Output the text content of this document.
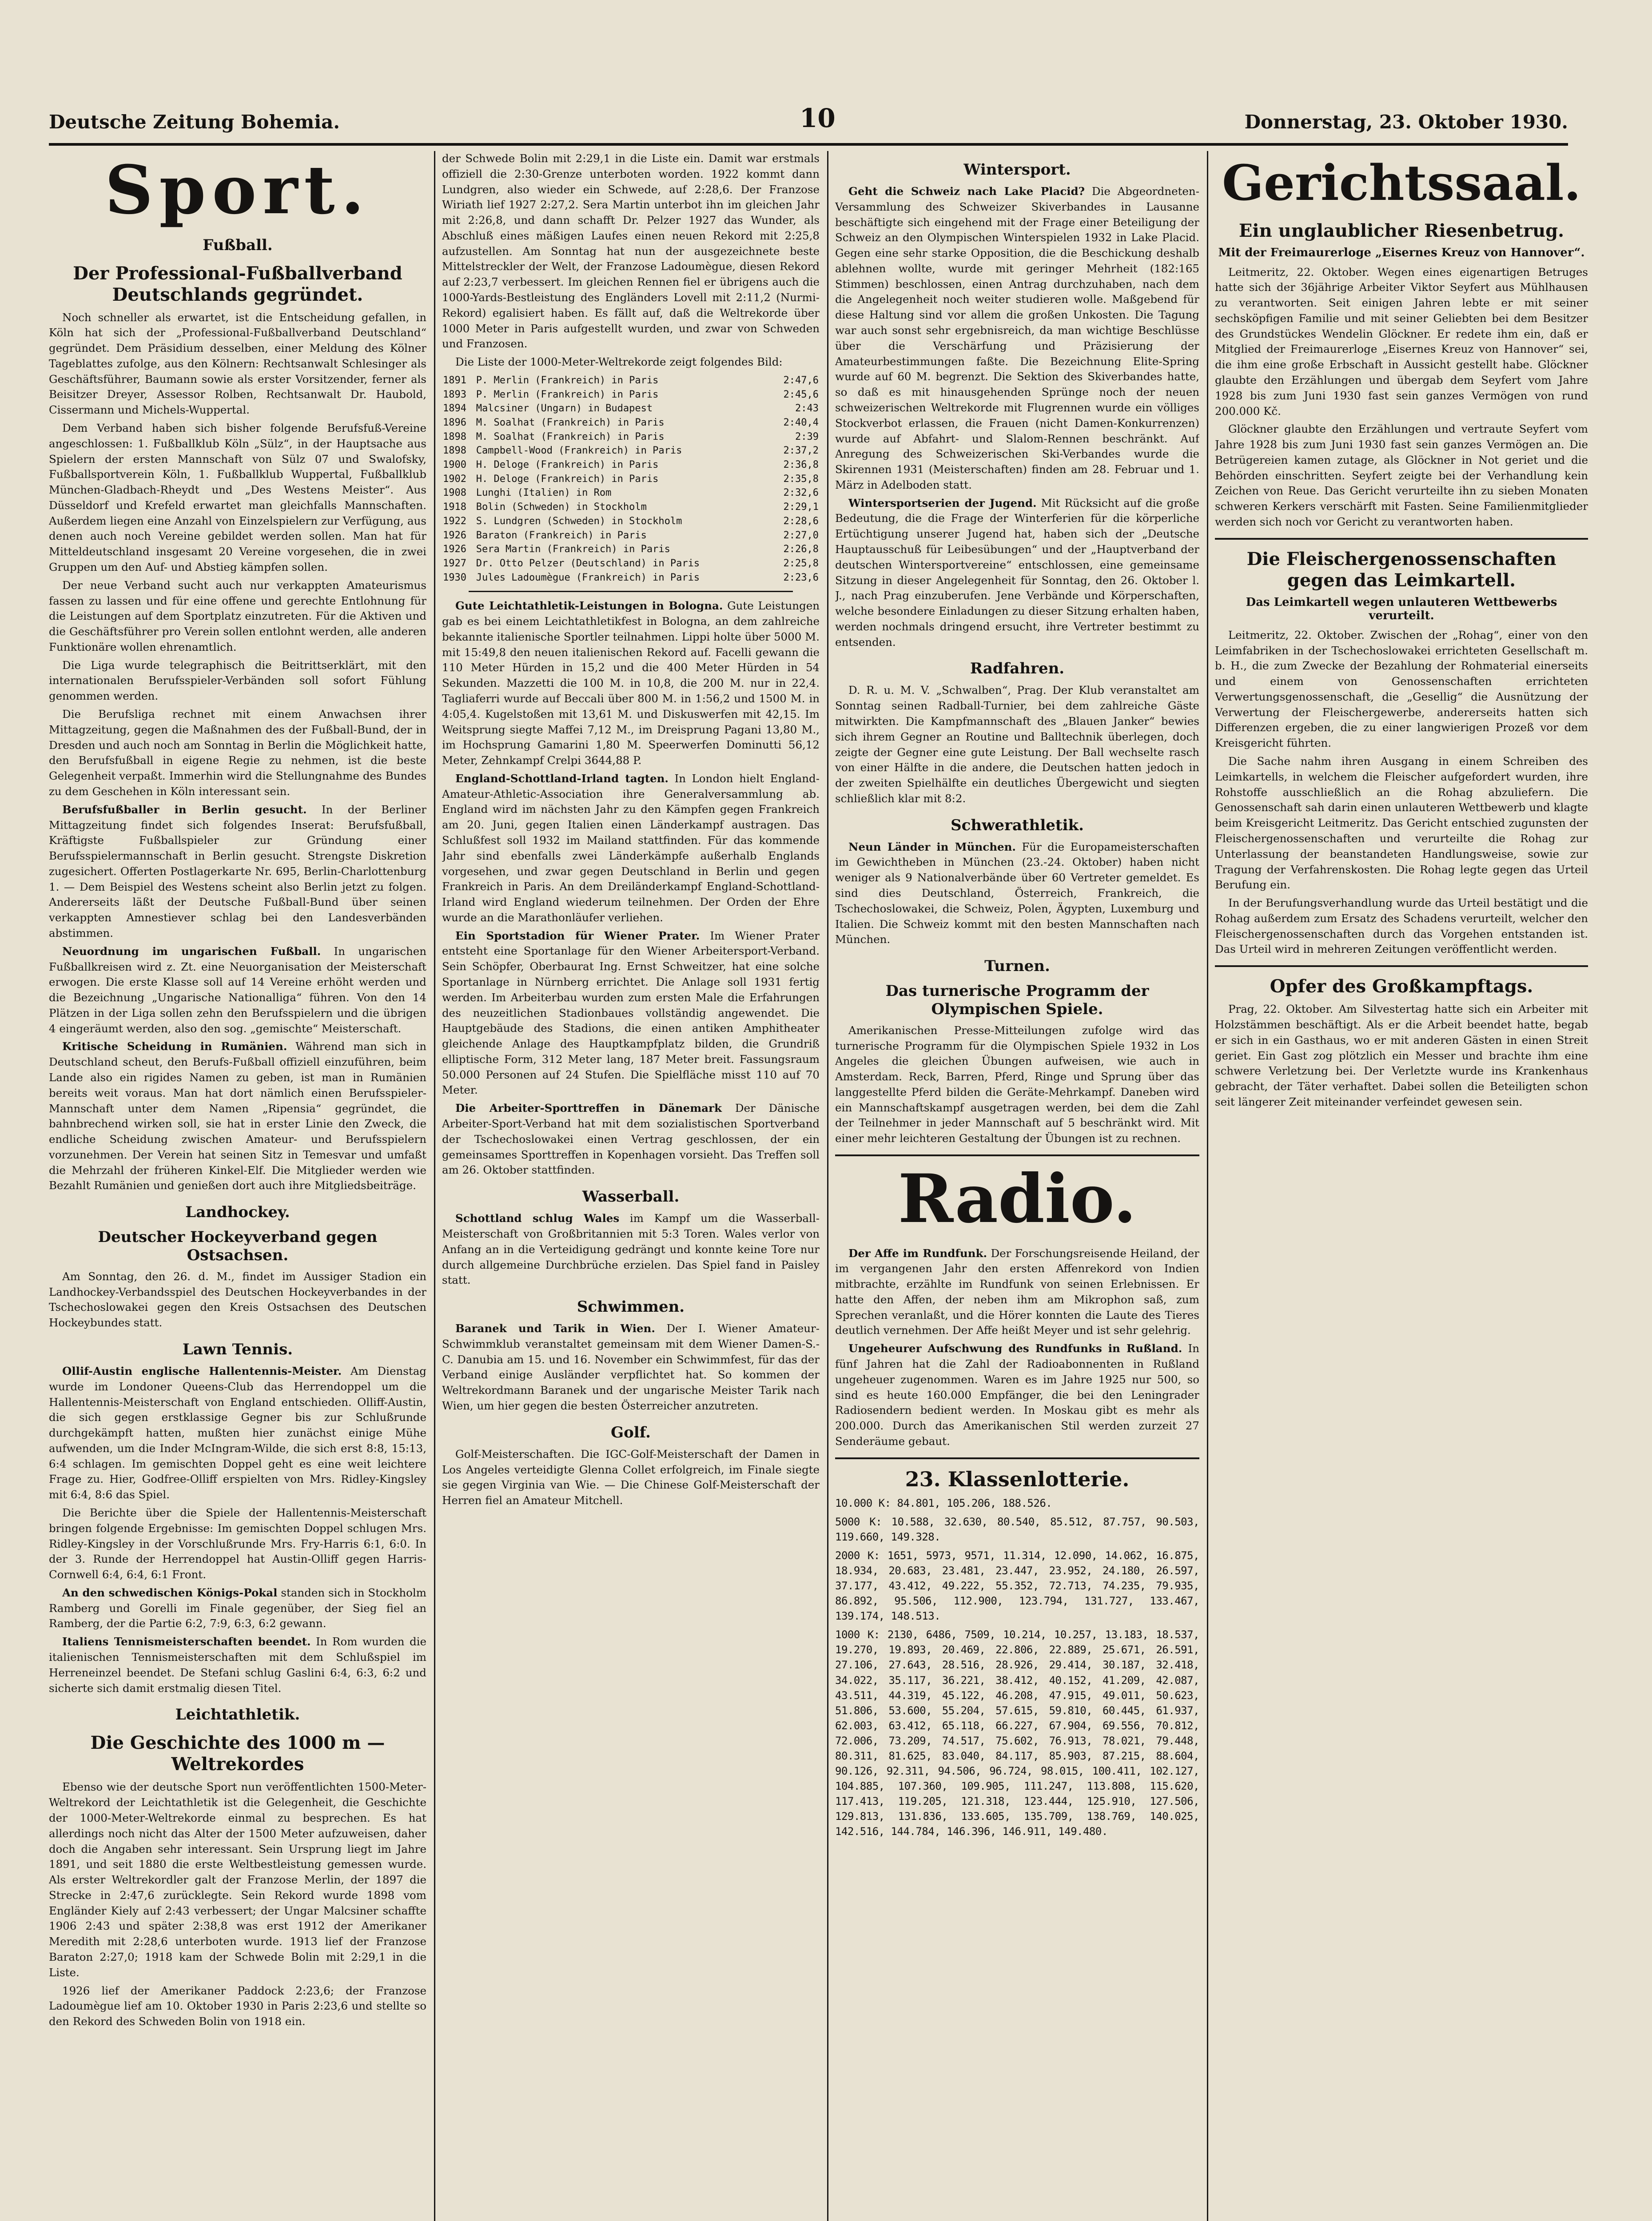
Deutsche Zeitung Bohemia.	10	Donnerstag, 23. Oktober 1930.
Sport.
Fußball.
Der Professional-Fußballverband Deutschlands gegründet.

Noch schneller als erwartet, ist die Entscheidung gefallen, in Köln hat sich der „Professional-Fußballverband Deutschland“ gegründet. Dem Präsidium desselben, einer Meldung des Kölner Tageblattes zufolge, aus den Kölnern: Rechtsanwalt Schlesinger als Geschäftsführer, Baumann sowie als erster Vorsitzender, ferner als Beisitzer Dreyer, Assessor Rolben, Rechtsanwalt Dr. Haubold, Cissermann und Michels-Wuppertal.

Dem Verband haben sich bisher folgende Berufsfuß-Vereine angeschlossen: 1. Fußballklub Köln „Sülz“, in der Hauptsache aus Spielern der ersten Mannschaft von Sülz 07 und Swalofsky, Fußballsportverein Köln, 1. Fußballklub Wuppertal, Fußballklub München-Gladbach-Rheydt und „Des Westens Meister“. Aus Düsseldorf und Krefeld erwartet man gleichfalls Mannschaften. Außerdem liegen eine Anzahl von Einzelspielern zur Verfügung, aus denen auch noch Vereine gebildet werden sollen. Man hat für Mitteldeutschland insgesamt 20 Vereine vorgesehen, die in zwei Gruppen um den Auf- und Abstieg kämpfen sollen.

Der neue Verband sucht auch nur verkappten Amateurismus fassen zu lassen und für eine offene und gerechte Entlohnung für die Leistungen auf dem Sportplatz einzutreten. Für die Aktiven und die Geschäftsführer pro Verein sollen entlohnt werden, alle anderen Funktionäre wollen ehrenamtlich.

Die Liga wurde telegraphisch die Beitrittserklärt, mit den internationalen Berufsspieler-Verbänden soll sofort Fühlung genommen werden.

Die Berufsliga rechnet mit einem Anwachsen ihrer Mittagzeitung, gegen die Maßnahmen des der Fußball-Bund, der in Dresden und auch noch am Sonntag in Berlin die Möglichkeit hatte, den Berufsfußball in eigene Regie zu nehmen, ist die beste Gelegenheit verpaßt. Immerhin wird die Stellungnahme des Bundes zu dem Geschehen in Köln interessant sein.

Berufsfußballer in Berlin gesucht. In der Berliner Mittagzeitung findet sich folgendes Inserat: Berufsfußball, Kräftigste Fußballspieler zur Gründung einer Berufsspielermannschaft in Berlin gesucht. Strengste Diskretion zugesichert. Offerten Postlagerkarte Nr. 695, Berlin-Charlottenburg 1. — Dem Beispiel des Westens scheint also Berlin jetzt zu folgen. Andererseits läßt der Deutsche Fußball-Bund über seinen verkappten Amnestiever schlag bei den Landesverbänden abstimmen.

Neuordnung im ungarischen Fußball. In ungarischen Fußballkreisen wird z. Zt. eine Neuorganisation der Meisterschaft erwogen. Die erste Klasse soll auf 14 Vereine erhöht werden und die Bezeichnung „Ungarische Nationalliga“ führen. Von den 14 Plätzen in der Liga sollen zehn den Berufsspielern und die übrigen 4 eingeräumt werden, also den sog. „gemischte“ Meisterschaft.

Kritische Scheidung in Rumänien. Während man sich in Deutschland scheut, den Berufs-Fußball offiziell einzuführen, beim Lande also ein rigides Namen zu geben, ist man in Rumänien bereits weit voraus. Man hat dort nämlich einen Berufsspieler-Mannschaft unter dem Namen „Ripensia“ gegründet, die bahnbrechend wirken soll, sie hat in erster Linie den Zweck, die endliche Scheidung zwischen Amateur- und Berufsspielern vorzunehmen. Der Verein hat seinen Sitz in Temesvar und umfaßt die Mehrzahl der früheren Kinkel-Elf. Die Mitglieder werden wie Bezahlt Rumänien und genießen dort auch ihre Mitgliedsbeiträge.

Landhockey.
Deutscher Hockeyverband gegen Ostsachsen.

Am Sonntag, den 26. d. M., findet im Aussiger Stadion ein Landhockey-Verbandsspiel des Deutschen Hockeyverbandes in der Tschechoslowakei gegen den Kreis Ostsachsen des Deutschen Hockeybundes statt.

Lawn Tennis.

Ollif-Austin englische Hallentennis-Meister. Am Dienstag wurde im Londoner Queens-Club das Herrendoppel um die Hallentennis-Meisterschaft von England entschieden. Olliff-Austin, die sich gegen erstklassige Gegner bis zur Schlußrunde durchgekämpft hatten, mußten hier zunächst einige Mühe aufwenden, um die Inder McIngram-Wilde, die sich erst 8:8, 15:13, 6:4 schlagen. Im gemischten Doppel geht es eine weit leichtere Frage zu. Hier, Godfree-Olliff erspielten von Mrs. Ridley-Kingsley mit 6:4, 8:6 das Spiel.

Die Berichte über die Spiele der Hallentennis-Meisterschaft bringen folgende Ergebnisse: Im gemischten Doppel schlugen Mrs. Ridley-Kingsley in der Vorschlußrunde Mrs. Fry-Harris 6:1, 6:0. In der 3. Runde der Herrendoppel hat Austin-Olliff gegen Harris-Cornwell 6:4, 6:4, 6:1 Front.

An den schwedischen Königs-Pokal standen sich in Stockholm Ramberg und Gorelli im Finale gegenüber, der Sieg fiel an Ramberg, der die Partie 6:2, 7:9, 6:3, 6:2 gewann.

Italiens Tennismeisterschaften beendet. In Rom wurden die italienischen Tennismeisterschaften mit dem Schlußspiel im Herreneinzel beendet. De Stefani schlug Gaslini 6:4, 6:3, 6:2 und sicherte sich damit erstmalig diesen Titel.

Leichtathletik.
Die Geschichte des 1000 m — Weltrekordes

Ebenso wie der deutsche Sport nun veröffentlichten 1500-Meter-Weltrekord der Leichtathletik ist die Gelegenheit, die Geschichte der 1000-Meter-Weltrekorde einmal zu besprechen. Es hat allerdings noch nicht das Alter der 1500 Meter aufzuweisen, daher doch die Angaben sehr interessant. Sein Ursprung liegt im Jahre 1891, und seit 1880 die erste Weltbestleistung gemessen wurde. Als erster Weltrekordler galt der Franzose Merlin, der 1897 die Strecke in 2:47,6 zurücklegte. Sein Rekord wurde 1898 vom Engländer Kiely auf 2:43 verbessert; der Ungar Malcsiner schaffte 1906 2:43 und später 2:38,8 was erst 1912 der Amerikaner Meredith mit 2:28,6 unterboten wurde. 1913 lief der Franzose Baraton 2:27,0; 1918 kam der Schwede Bolin mit 2:29,1 in die Liste.

1926 lief der Amerikaner Paddock 2:23,6; der Franzose Ladoumègue lief am 10. Oktober 1930 in Paris 2:23,6 und stellte so den Rekord des Schweden Bolin von 1918 ein.

der Schwede Bolin mit 2:29,1 in die Liste ein. Damit war erstmals offiziell die 2:30-Grenze unterboten worden. 1922 kommt dann Lundgren, also wieder ein Schwede, auf 2:28,6. Der Franzose Wiriath lief 1927 2:27,2. Sera Martin unterbot ihn im gleichen Jahr mit 2:26,8, und dann schafft Dr. Pelzer 1927 das Wunder, als Abschluß eines mäßigen Laufes einen neuen Rekord mit 2:25,8 aufzustellen. Am Sonntag hat nun der ausgezeichnete beste Mittelstreckler der Welt, der Franzose Ladoumègue, diesen Rekord auf 2:23,7 verbessert. Im gleichen Rennen fiel er übrigens auch die 1000-Yards-Bestleistung des Engländers Lovell mit 2:11,2 (Nurmi-Rekord) egalisiert haben. Es fällt auf, daß die Weltrekorde über 1000 Meter in Paris aufgestellt wurden, und zwar von Schweden und Franzosen.

Die Liste der 1000-Meter-Weltrekorde zeigt folgendes Bild:

1891	P. Merlin (Frankreich) in Paris	2:47,6
1893	P. Merlin (Frankreich) in Paris	2:45,6
1894	Malcsiner (Ungarn) in Budapest	2:43
1896	M. Soalhat (Frankreich) in Paris	2:40,4
1898	M. Soalhat (Frankreich) in Paris	2:39
1898	Campbell-Wood (Frankreich) in Paris	2:37,2
1900	H. Deloge (Frankreich) in Paris	2:36,8
1902	H. Deloge (Frankreich) in Paris	2:35,8
1908	Lunghi (Italien) in Rom	2:32,6
1918	Bolin (Schweden) in Stockholm	2:29,1
1922	S. Lundgren (Schweden) in Stockholm	2:28,6
1926	Baraton (Frankreich) in Paris	2:27,0
1926	Sera Martin (Frankreich) in Paris	2:26,8
1927	Dr. Otto Pelzer (Deutschland) in Paris	2:25,8
1930	Jules Ladoumègue (Frankreich) in Paris	2:23,6

Gute Leichtathletik-Leistungen in Bologna. Gute Leistungen gab es bei einem Leichtathletikfest in Bologna, an dem zahlreiche bekannte italienische Sportler teilnahmen. Lippi holte über 5000 M. mit 15:49,8 den neuen italienischen Rekord auf. Facelli gewann die 110 Meter Hürden in 15,2 und die 400 Meter Hürden in 54 Sekunden. Mazzetti die 100 M. in 10,8, die 200 M. nur in 22,4. Tagliaferri wurde auf Beccali über 800 M. in 1:56,2 und 1500 M. in 4:05,4. Kugelstoßen mit 13,61 M. und Diskuswerfen mit 42,15. Im Weitsprung siegte Maffei 7,12 M., im Dreisprung Pagani 13,80 M., im Hochsprung Gamarini 1,80 M. Speerwerfen Dominutti 56,12 Meter, Zehnkampf Crelpi 3644,88 P.

England-Schottland-Irland tagten. In London hielt England-Amateur-Athletic-Association ihre Generalversammlung ab. England wird im nächsten Jahr zu den Kämpfen gegen Frankreich am 20. Juni, gegen Italien einen Länderkampf austragen. Das Schlußfest soll 1932 im Mailand stattfinden. Für das kommende Jahr sind ebenfalls zwei Länderkämpfe außerhalb Englands vorgesehen, und zwar gegen Deutschland in Berlin und gegen Frankreich in Paris. An dem Dreiländerkampf England-Schottland-Irland wird England wiederum teilnehmen. Der Orden der Ehre wurde an die Marathonläufer verliehen.

Ein Sportstadion für Wiener Prater. Im Wiener Prater entsteht eine Sportanlage für den Wiener Arbeitersport-Verband. Sein Schöpfer, Oberbaurat Ing. Ernst Schweitzer, hat eine solche Sportanlage in Nürnberg errichtet. Die Anlage soll 1931 fertig werden. Im Arbeiterbau wurden zum ersten Male die Erfahrungen des neuzeitlichen Stadionbaues vollständig angewendet. Die Hauptgebäude des Stadions, die einen antiken Amphitheater gleichende Anlage des Hauptkampfplatz bilden, die Grundriß elliptische Form, 312 Meter lang, 187 Meter breit. Fassungsraum 50.000 Personen auf 24 Stufen. Die Spielfläche misst 110 auf 70 Meter.

Die Arbeiter-Sporttreffen in Dänemark Der Dänische Arbeiter-Sport-Verband hat mit dem sozialistischen Sportverband der Tschechoslowakei einen Vertrag geschlossen, der ein gemeinsames Sporttreffen in Kopenhagen vorsieht. Das Treffen soll am 26. Oktober stattfinden.

Wasserball.

Schottland schlug Wales im Kampf um die Wasserball-Meisterschaft von Großbritannien mit 5:3 Toren. Wales verlor von Anfang an in die Verteidigung gedrängt und konnte keine Tore nur durch allgemeine Durchbrüche erzielen. Das Spiel fand in Paisley statt.

Schwimmen.

Baranek und Tarik in Wien. Der I. Wiener Amateur-Schwimmklub veranstaltet gemeinsam mit dem Wiener Damen-S.-C. Danubia am 15. und 16. November ein Schwimmfest, für das der Verband einige Ausländer verpflichtet hat. So kommen der Weltrekordmann Baranek und der ungarische Meister Tarik nach Wien, um hier gegen die besten Österreicher anzutreten.

Golf.

Golf-Meisterschaften. Die IGC-Golf-Meisterschaft der Damen in Los Angeles verteidigte Glenna Collet erfolgreich, im Finale siegte sie gegen Virginia van Wie. — Die Chinese Golf-Meisterschaft der Herren fiel an Amateur Mitchell.

Wintersport.

Geht die Schweiz nach Lake Placid? Die Abgeordneten-Versammlung des Schweizer Skiverbandes in Lausanne beschäftigte sich eingehend mit der Frage einer Beteiligung der Schweiz an den Olympischen Winterspielen 1932 in Lake Placid. Gegen eine sehr starke Opposition, die die Beschickung deshalb ablehnen wollte, wurde mit geringer Mehrheit (182:165 Stimmen) beschlossen, einen Antrag durchzuhaben, nach dem die Angelegenheit noch weiter studieren wolle. Maßgebend für diese Haltung sind vor allem die großen Unkosten. Die Tagung war auch sonst sehr ergebnisreich, da man wichtige Beschlüsse über die Verschärfung und Präzisierung der Amateurbestimmungen faßte. Die Bezeichnung Elite-Spring wurde auf 60 M. begrenzt. Die Sektion des Skiverbandes hatte, so daß es mit hinausgehenden Sprünge noch der neuen schweizerischen Weltrekorde mit Flugrennen wurde ein völliges Stockverbot erlassen, die Frauen (nicht Damen-Konkurrenzen) wurde auf Abfahrt- und Slalom-Rennen beschränkt. Auf Anregung des Schweizerischen Ski-Verbandes wurde die Skirennen 1931 (Meisterschaften) finden am 28. Februar und 1. März in Adelboden statt.

Wintersportserien der Jugend. Mit Rücksicht auf die große Bedeutung, die die Frage der Winterferien für die körperliche Ertüchtigung unserer Jugend hat, haben sich der „Deutsche Hauptausschuß für Leibesübungen“ und der „Hauptverband der deutschen Wintersportvereine“ entschlossen, eine gemeinsame Sitzung in dieser Angelegenheit für Sonntag, den 26. Oktober l. J., nach Prag einzuberufen. Jene Verbände und Körperschaften, welche besondere Einladungen zu dieser Sitzung erhalten haben, werden nochmals dringend ersucht, ihre Vertreter bestimmt zu entsenden.

Radfahren.

D. R. u. M. V. „Schwalben“, Prag. Der Klub veranstaltet am Sonntag seinen Radball-Turnier, bei dem zahlreiche Gäste mitwirkten. Die Kampfmannschaft des „Blauen Janker“ bewies sich ihrem Gegner an Routine und Balltechnik überlegen, doch zeigte der Gegner eine gute Leistung. Der Ball wechselte rasch von einer Hälfte in die andere, die Deutschen hatten jedoch in der zweiten Spielhälfte ein deutliches Übergewicht und siegten schließlich klar mit 8:2.

Schwerathletik.

Neun Länder in München. Für die Europameisterschaften im Gewichtheben in München (23.-24. Oktober) haben nicht weniger als 9 Nationalverbände über 60 Vertreter gemeldet. Es sind dies Deutschland, Österreich, Frankreich, die Tschechoslowakei, die Schweiz, Polen, Ägypten, Luxemburg und Italien. Die Schweiz kommt mit den besten Mannschaften nach München.

Turnen.
Das turnerische Programm der Olympischen Spiele.

Amerikanischen Presse-Mitteilungen zufolge wird das turnerische Programm für die Olympischen Spiele 1932 in Los Angeles die gleichen Übungen aufweisen, wie auch in Amsterdam. Reck, Barren, Pferd, Ringe und Sprung über das langgestellte Pferd bilden die Geräte-Mehrkampf. Daneben wird ein Mannschaftskampf ausgetragen werden, bei dem die Zahl der Teilnehmer in jeder Mannschaft auf 5 beschränkt wird. Mit einer mehr leichteren Gestaltung der Übungen ist zu rechnen.

Radio.

Der Affe im Rundfunk. Der Forschungsreisende Heiland, der im vergangenen Jahr den ersten Affenrekord von Indien mitbrachte, erzählte im Rundfunk von seinen Erlebnissen. Er hatte den Affen, der neben ihm am Mikrophon saß, zum Sprechen veranlaßt, und die Hörer konnten die Laute des Tieres deutlich vernehmen. Der Affe heißt Meyer und ist sehr gelehrig.

Ungeheurer Aufschwung des Rundfunks in Rußland. In fünf Jahren hat die Zahl der Radioabonnenten in Rußland ungeheuer zugenommen. Waren es im Jahre 1925 nur 500, so sind es heute 160.000 Empfänger, die bei den Leningrader Radiosendern bedient werden. In Moskau gibt es mehr als 200.000. Durch das Amerikanischen Stil werden zurzeit 27 Senderäume gebaut.

23. Klassenlotterie.

10.000 K: 84.801, 105.206, 188.526.

5000 K: 10.588, 32.630, 80.540, 85.512, 87.757, 90.503, 119.660, 149.328.

2000 K: 1651, 5973, 9571, 11.314, 12.090, 14.062, 16.875, 18.934, 20.683, 23.481, 23.447, 23.952, 24.180, 26.597, 37.177, 43.412, 49.222, 55.352, 72.713, 74.235, 79.935, 86.892, 95.506, 112.900, 123.794, 131.727, 133.467, 139.174, 148.513.

1000 K: 2130, 6486, 7509, 10.214, 10.257, 13.183, 18.537, 19.270, 19.893, 20.469, 22.806, 22.889, 25.671, 26.591, 27.106, 27.643, 28.516, 28.926, 29.414, 30.187, 32.418, 34.022, 35.117, 36.221, 38.412, 40.152, 41.209, 42.087, 43.511, 44.319, 45.122, 46.208, 47.915, 49.011, 50.623, 51.806, 53.600, 55.204, 57.615, 59.810, 60.445, 61.937, 62.003, 63.412, 65.118, 66.227, 67.904, 69.556, 70.812, 72.006, 73.209, 74.517, 75.602, 76.913, 78.021, 79.448, 80.311, 81.625, 83.040, 84.117, 85.903, 87.215, 88.604, 90.126, 92.311, 94.506, 96.724, 98.015, 100.411, 102.127, 104.885, 107.360, 109.905, 111.247, 113.808, 115.620, 117.413, 119.205, 121.318, 123.444, 125.910, 127.506, 129.813, 131.836, 133.605, 135.709, 138.769, 140.025, 142.516, 144.784, 146.396, 146.911, 149.480.

Gerichtssaal.
Ein unglaublicher Riesenbetrug.
Mit der Freimaurerloge „Eisernes Kreuz von Hannover“.

Leitmeritz, 22. Oktober. Wegen eines eigenartigen Betruges hatte sich der 36jährige Arbeiter Viktor Seyfert aus Mühlhausen zu verantworten. Seit einigen Jahren lebte er mit seiner sechsköpfigen Familie und mit seiner Geliebten bei dem Besitzer des Grundstückes Wendelin Glöckner. Er redete ihm ein, daß er Mitglied der Freimaurerloge „Eisernes Kreuz von Hannover“ sei, die ihm eine große Erbschaft in Aussicht gestellt habe. Glöckner glaubte den Erzählungen und übergab dem Seyfert vom Jahre 1928 bis zum Juni 1930 fast sein ganzes Vermögen von rund 200.000 Kč.

Glöckner glaubte den Erzählungen und vertraute Seyfert vom Jahre 1928 bis zum Juni 1930 fast sein ganzes Vermögen an. Die Betrügereien kamen zutage, als Glöckner in Not geriet und die Behörden einschritten. Seyfert zeigte bei der Verhandlung kein Zeichen von Reue. Das Gericht verurteilte ihn zu sieben Monaten schweren Kerkers verschärft mit Fasten. Seine Familienmitglieder werden sich noch vor Gericht zu verantworten haben.

Die Fleischergenossenschaften gegen das Leimkartell.
Das Leimkartell wegen unlauteren Wettbewerbs verurteilt.

Leitmeritz, 22. Oktober. Zwischen der „Rohag“, einer von den Leimfabriken in der Tschechoslowakei errichteten Gesellschaft m. b. H., die zum Zwecke der Bezahlung der Rohmaterial einerseits und einem von Genossenschaften errichteten Verwertungsgenossenschaft, die „Gesellig“ die Ausnützung der Verwertung der Fleischergewerbe, andererseits hatten sich Differenzen ergeben, die zu einer langwierigen Prozeß vor dem Kreisgericht führten.

Die Sache nahm ihren Ausgang in einem Schreiben des Leimkartells, in welchem die Fleischer aufgefordert wurden, ihre Rohstoffe ausschließlich an die Rohag abzuliefern. Die Genossenschaft sah darin einen unlauteren Wettbewerb und klagte beim Kreisgericht Leitmeritz. Das Gericht entschied zugunsten der Fleischergenossenschaften und verurteilte die Rohag zur Unterlassung der beanstandeten Handlungsweise, sowie zur Tragung der Verfahrenskosten. Die Rohag legte gegen das Urteil Berufung ein.

In der Berufungsverhandlung wurde das Urteil bestätigt und die Rohag außerdem zum Ersatz des Schadens verurteilt, welcher den Fleischergenossenschaften durch das Vorgehen entstanden ist. Das Urteil wird in mehreren Zeitungen veröffentlicht werden.

Opfer des Großkampftags.

Prag, 22. Oktober. Am Silvestertag hatte sich ein Arbeiter mit Holzstämmen beschäftigt. Als er die Arbeit beendet hatte, begab er sich in ein Gasthaus, wo er mit anderen Gästen in einen Streit geriet. Ein Gast zog plötzlich ein Messer und brachte ihm eine schwere Verletzung bei. Der Verletzte wurde ins Krankenhaus gebracht, der Täter verhaftet. Dabei sollen die Beteiligten schon seit längerer Zeit miteinander verfeindet gewesen sein.
